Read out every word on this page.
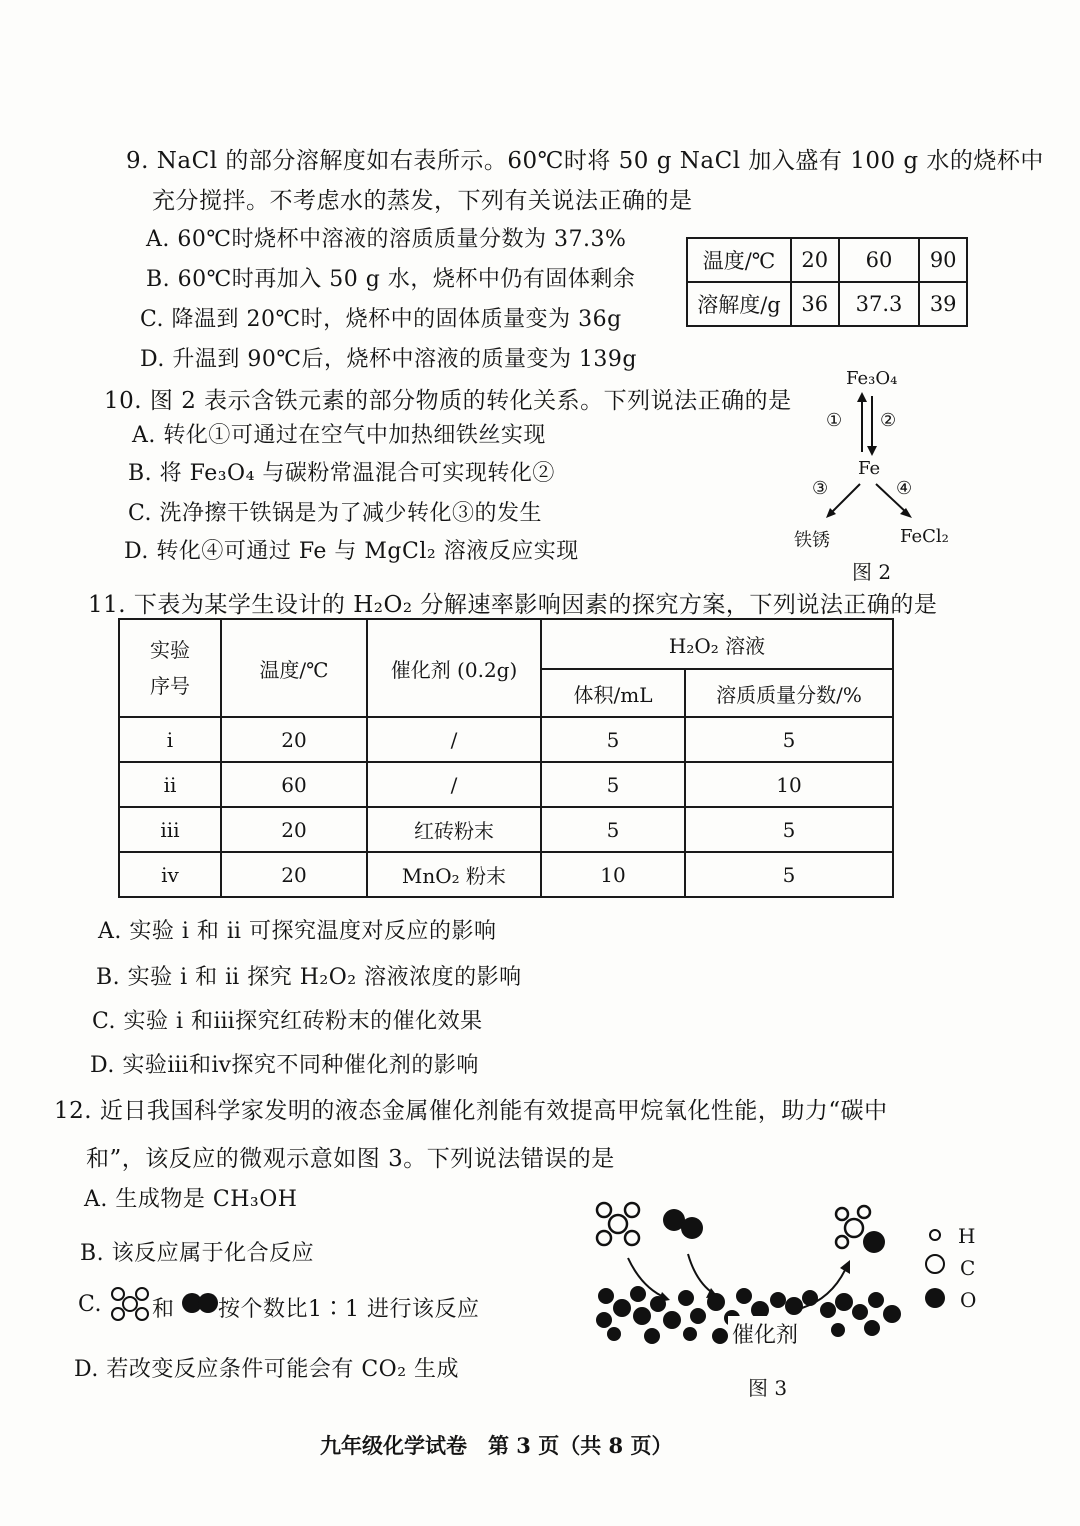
9. NaCl 的部分溶解度如右表所示。60℃时将 50 g NaCl 加入盛有 100 g 水的烧杯中
充分搅拌。不考虑水的蒸发，下列有关说法正确的是
A. 60℃时烧杯中溶液的溶质质量分数为 37.3%
B. 60℃时再加入 50 g 水，烧杯中仍有固体剩余
C. 降温到 20℃时，烧杯中的固体质量变为 36g
D. 升温到 90℃后，烧杯中溶液的质量变为 139g
温度/℃	20	60	90
溶解度/g	36	37.3	39
10. 图 2 表示含铁元素的部分物质的转化关系。下列说法正确的是
A. 转化①可通过在空气中加热细铁丝实现
B. 将 Fe₃O₄ 与碳粉常温混合可实现转化②
C. 洗净擦干铁锅是为了减少转化③的发生
D. 转化④可通过 Fe 与 MgCl₂ 溶液反应实现
Fe₃O₄
① ②
Fe
③	④
铁锈	FeCl₂
图 2
11. 下表为某学生设计的 H₂O₂ 分解速率影响因素的探究方案，下列说法正确的是
实验
序号	温度/℃	催化剂 (0.2g)	H₂O₂ 溶液	
			体积/mL	溶质质量分数/%
ⅰ	20	/	5	5
ⅱ	60	/	5	10
ⅲ	20	红砖粉末	5	5
ⅳ	20	MnO₂ 粉末	10	5
A. 实验 ⅰ 和 ⅱ 可探究温度对反应的影响
B. 实验 ⅰ 和 ⅱ 探究 H₂O₂ 溶液浓度的影响
C. 实验 ⅰ 和ⅲ探究红砖粉末的催化效果
D. 实验ⅲ和ⅳ探究不同种催化剂的影响
12. 近日我国科学家发明的液态金属催化剂能有效提高甲烷氧化性能，助力“碳中
和”，该反应的微观示意如图 3。下列说法错误的是
A. 生成物是 CH₃OH
B. 该反应属于化合反应
C. 和 按个数比1∶1 进行该反应
D. 若改变反应条件可能会有 CO₂ 生成
催化剂
图 3
H
C
O
九年级化学试卷　第 3 页（共 8 页）
